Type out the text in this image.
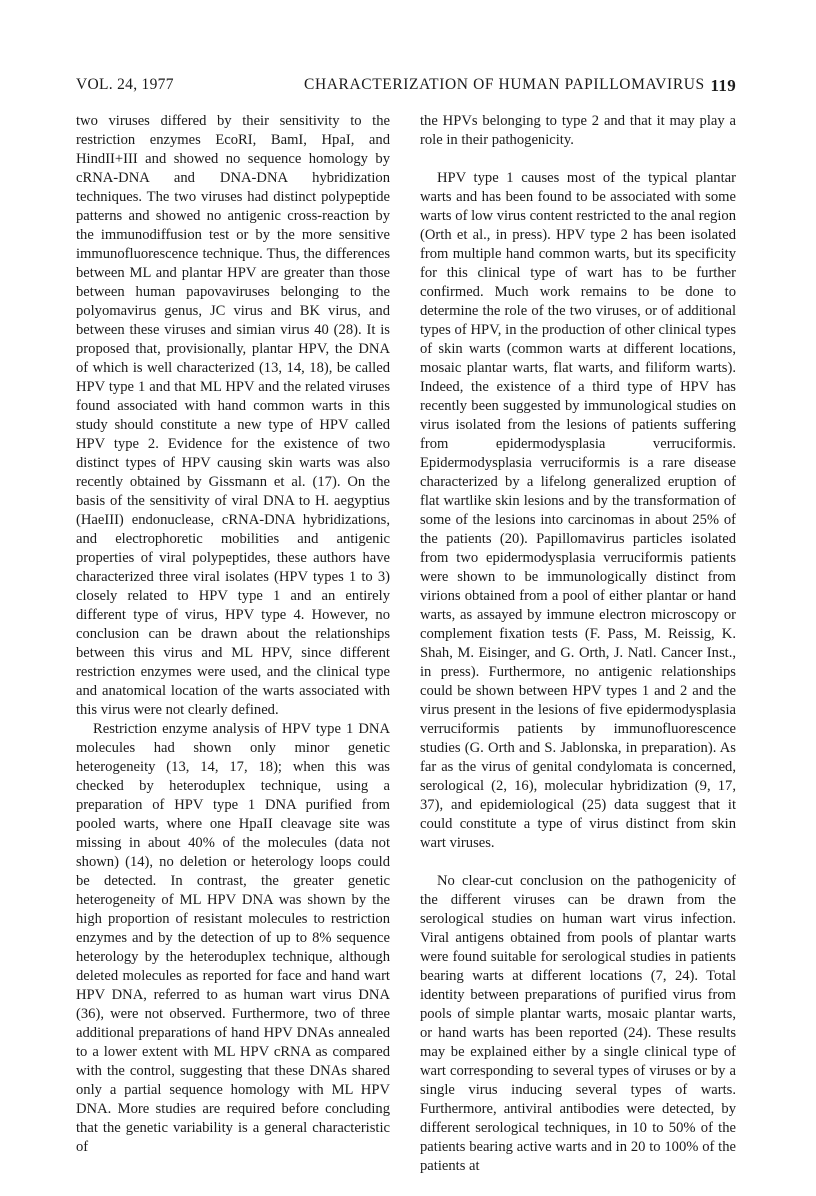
VOL. 24, 1977	CHARACTERIZATION OF HUMAN PAPILLOMAVIRUS 119

two viruses differed by their sensitivity to the restriction enzymes EcoRI, BamI, HpaI, and HindII+III and showed no sequence homology by cRNA-DNA and DNA-DNA hybridization techniques. The two viruses had distinct polypeptide patterns and showed no antigenic cross-reaction by the immunodiffusion test or by the more sensitive immunofluorescence technique. Thus, the differences between ML and plantar HPV are greater than those between human papovaviruses belonging to the polyomavirus genus, JC virus and BK virus, and between these viruses and simian virus 40 (28). It is proposed that, provisionally, plantar HPV, the DNA of which is well characterized (13, 14, 18), be called HPV type 1 and that ML HPV and the related viruses found associated with hand common warts in this study should constitute a new type of HPV called HPV type 2. Evidence for the existence of two distinct types of HPV causing skin warts was also recently obtained by Gissmann et al. (17). On the basis of the sensitivity of viral DNA to H. aegyptius (HaeIII) endonuclease, cRNA-DNA hybridizations, and electrophoretic mobilities and antigenic properties of viral polypeptides, these authors have characterized three viral isolates (HPV types 1 to 3) closely related to HPV type 1 and an entirely different type of virus, HPV type 4. However, no conclusion can be drawn about the relationships between this virus and ML HPV, since different restriction enzymes were used, and the clinical type and anatomical location of the warts associated with this virus were not clearly defined.

Restriction enzyme analysis of HPV type 1 DNA molecules had shown only minor genetic heterogeneity (13, 14, 17, 18); when this was checked by heteroduplex technique, using a preparation of HPV type 1 DNA purified from pooled warts, where one HpaII cleavage site was missing in about 40% of the molecules (data not shown) (14), no deletion or heterology loops could be detected. In contrast, the greater genetic heterogeneity of ML HPV DNA was shown by the high proportion of resistant molecules to restriction enzymes and by the detection of up to 8% sequence heterology by the heteroduplex technique, although deleted molecules as reported for face and hand wart HPV DNA, referred to as human wart virus DNA (36), were not observed. Furthermore, two of three additional preparations of hand HPV DNAs annealed to a lower extent with ML HPV cRNA as compared with the control, suggesting that these DNAs shared only a partial sequence homology with ML HPV DNA. More studies are required before concluding that the genetic variability is a general characteristic of

the HPVs belonging to type 2 and that it may play a role in their pathogenicity.

HPV type 1 causes most of the typical plantar warts and has been found to be associated with some warts of low virus content restricted to the anal region (Orth et al., in press). HPV type 2 has been isolated from multiple hand common warts, but its specificity for this clinical type of wart has to be further confirmed. Much work remains to be done to determine the role of the two viruses, or of additional types of HPV, in the production of other clinical types of skin warts (common warts at different locations, mosaic plantar warts, flat warts, and filiform warts). Indeed, the existence of a third type of HPV has recently been suggested by immunological studies on virus isolated from the lesions of patients suffering from epidermodysplasia verruciformis. Epidermodysplasia verruciformis is a rare disease characterized by a lifelong generalized eruption of flat wartlike skin lesions and by the transformation of some of the lesions into carcinomas in about 25% of the patients (20). Papillomavirus particles isolated from two epidermodysplasia verruciformis patients were shown to be immunologically distinct from virions obtained from a pool of either plantar or hand warts, as assayed by immune electron microscopy or complement fixation tests (F. Pass, M. Reissig, K. Shah, M. Eisinger, and G. Orth, J. Natl. Cancer Inst., in press). Furthermore, no antigenic relationships could be shown between HPV types 1 and 2 and the virus present in the lesions of five epidermodysplasia verruciformis patients by immunofluorescence studies (G. Orth and S. Jablonska, in preparation). As far as the virus of genital condylomata is concerned, serological (2, 16), molecular hybridization (9, 17, 37), and epidemiological (25) data suggest that it could constitute a type of virus distinct from skin wart viruses.

No clear-cut conclusion on the pathogenicity of the different viruses can be drawn from the serological studies on human wart virus infection. Viral antigens obtained from pools of plantar warts were found suitable for serological studies in patients bearing warts at different locations (7, 24). Total identity between preparations of purified virus from pools of simple plantar warts, mosaic plantar warts, or hand warts has been reported (24). These results may be explained either by a single clinical type of wart corresponding to several types of viruses or by a single virus inducing several types of warts. Furthermore, antiviral antibodies were detected, by different serological techniques, in 10 to 50% of the patients bearing active warts and in 20 to 100% of the patients at
